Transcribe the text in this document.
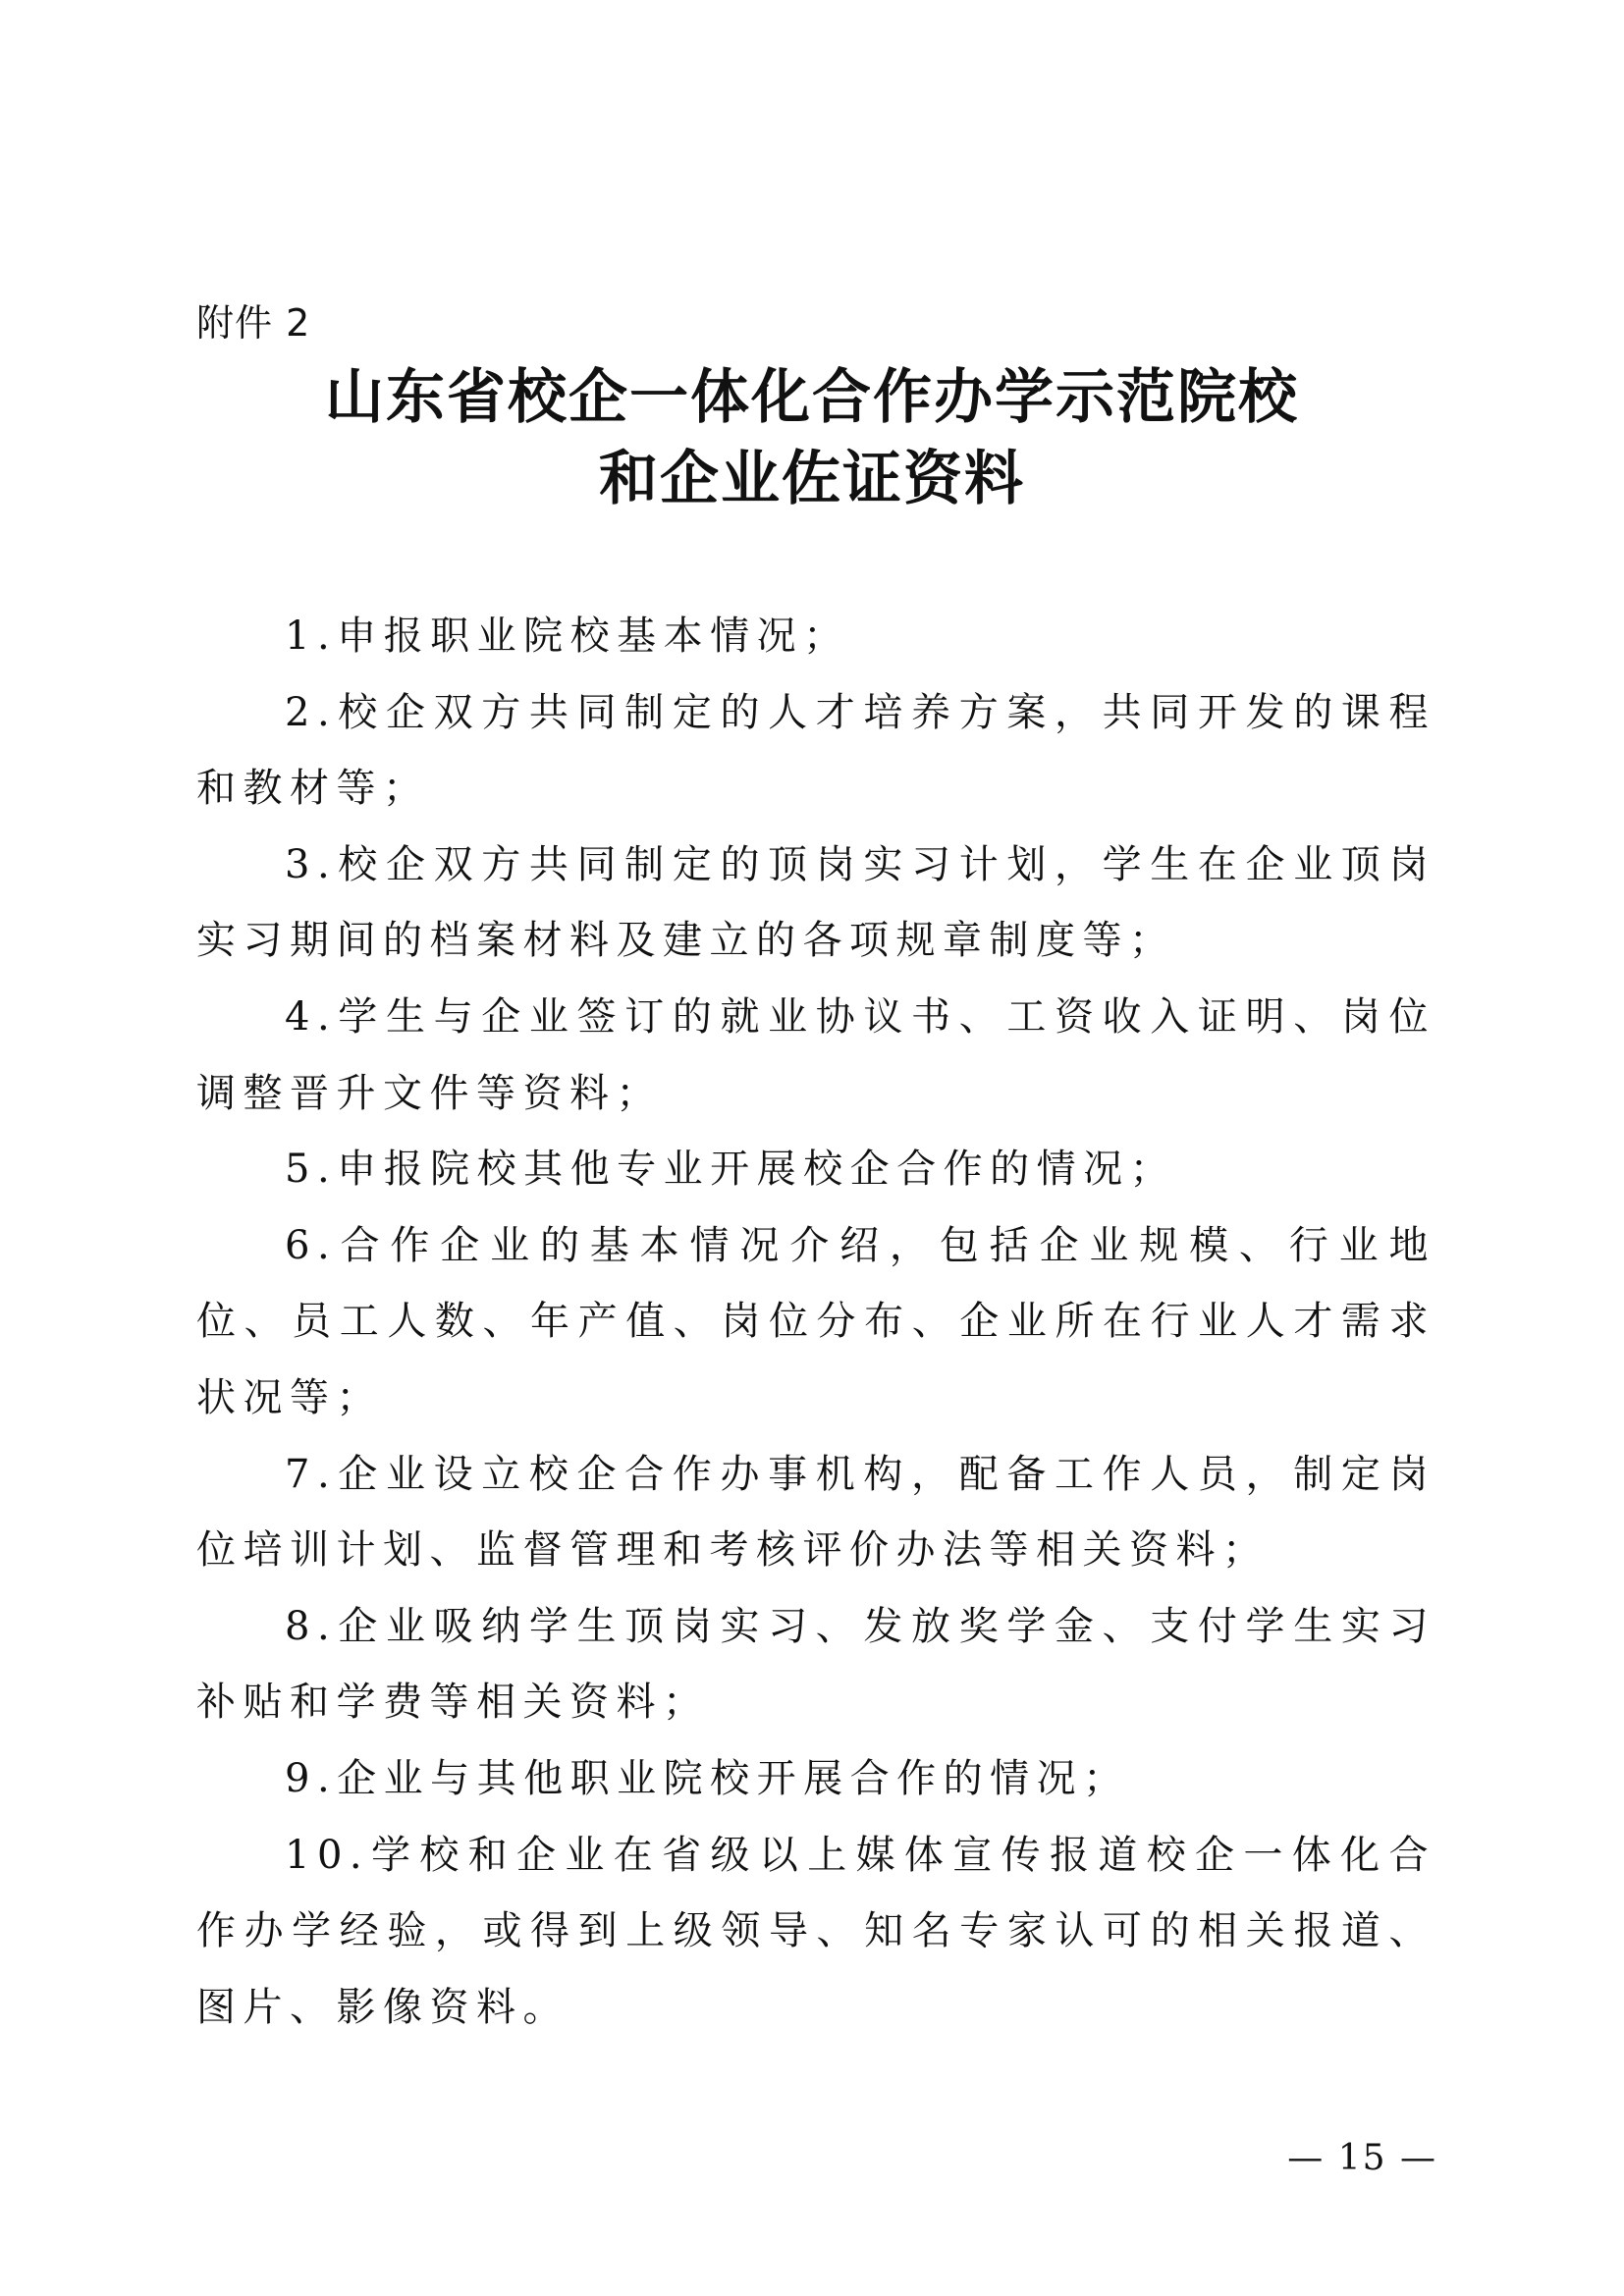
附件 2
山东省校企一体化合作办学示范院校
和企业佐证资料

1.申报职业院校基本情况；

2.校企双方共同制定的人才培养方案，共同开发的课程和教材等；

3.校企双方共同制定的顶岗实习计划，学生在企业顶岗实习期间的档案材料及建立的各项规章制度等；

4.学生与企业签订的就业协议书、工资收入证明、岗位调整晋升文件等资料；

5.申报院校其他专业开展校企合作的情况；

6.合作企业的基本情况介绍，包括企业规模、行业地位、员工人数、年产值、岗位分布、企业所在行业人才需求状况等；

7.企业设立校企合作办事机构，配备工作人员，制定岗位培训计划、监督管理和考核评价办法等相关资料；

8.企业吸纳学生顶岗实习、发放奖学金、支付学生实习补贴和学费等相关资料；

9.企业与其他职业院校开展合作的情况；

10.学校和企业在省级以上媒体宣传报道校企一体化合作办学经验，或得到上级领导、知名专家认可的相关报道、图片、影像资料。

— 15 —
